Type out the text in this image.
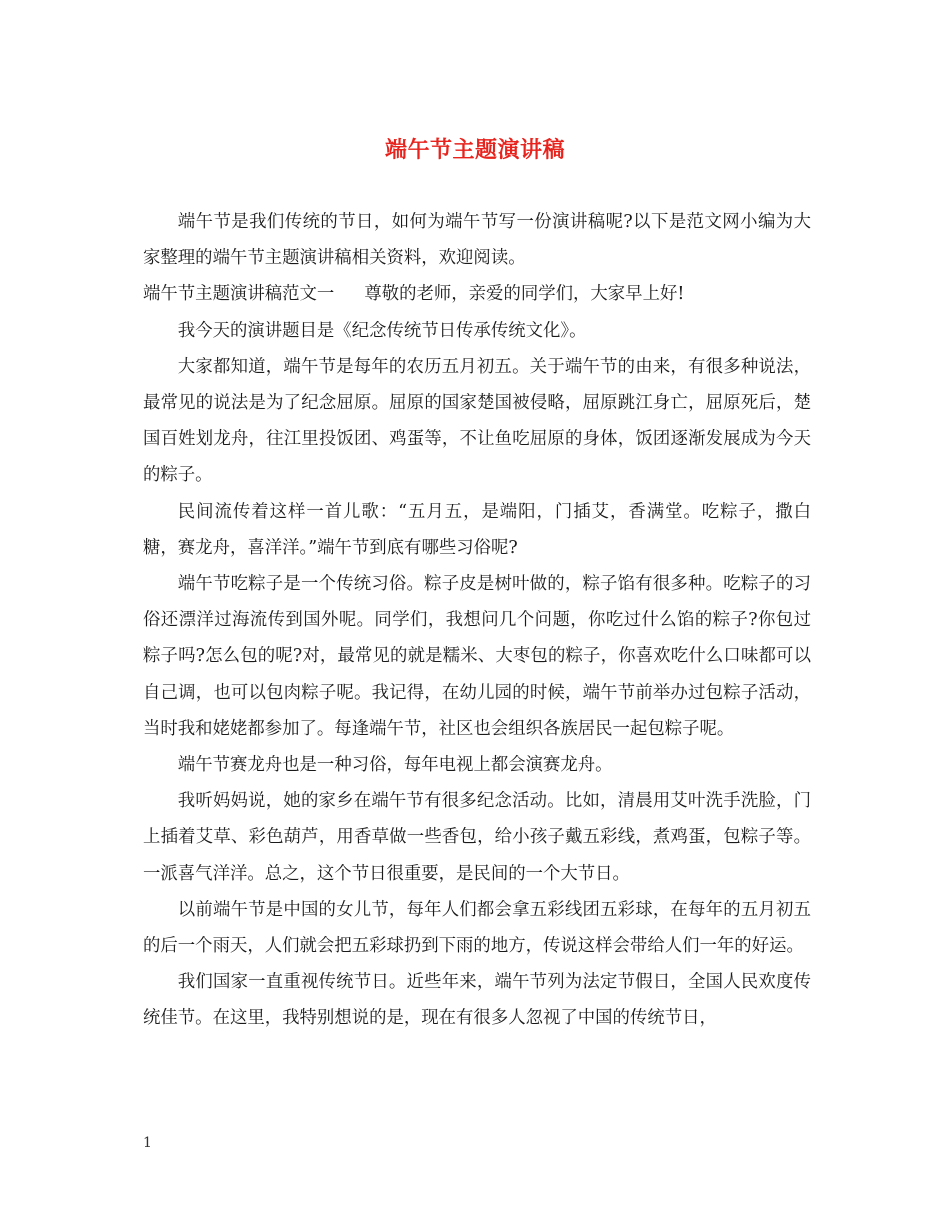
端午节主题演讲稿

端午节是我们传统的节日，如何为端午节写一份演讲稿呢?以下是范文网小编为大家整理的端午节主题演讲稿相关资料，欢迎阅读。

端午节主题演讲稿范文一 尊敬的老师，亲爱的同学们，大家早上好!

我今天的演讲题目是《纪念传统节日传承传统文化》。

大家都知道，端午节是每年的农历五月初五。关于端午节的由来，有很多种说法，最常见的说法是为了纪念屈原。屈原的国家楚国被侵略，屈原跳江身亡，屈原死后，楚国百姓划龙舟，往江里投饭团、鸡蛋等，不让鱼吃屈原的身体，饭团逐渐发展成为今天的粽子。

民间流传着这样一首儿歌：“五月五，是端阳，门插艾，香满堂。吃粽子，撒白糖，赛龙舟，喜洋洋。”端午节到底有哪些习俗呢?

端午节吃粽子是一个传统习俗。粽子皮是树叶做的，粽子馅有很多种。吃粽子的习俗还漂洋过海流传到国外呢。同学们，我想问几个问题，你吃过什么馅的粽子?你包过粽子吗?怎么包的呢?对，最常见的就是糯米、大枣包的粽子，你喜欢吃什么口味都可以自己调，也可以包肉粽子呢。我记得，在幼儿园的时候，端午节前举办过包粽子活动，当时我和姥姥都参加了。每逢端午节，社区也会组织各族居民一起包粽子呢。

端午节赛龙舟也是一种习俗，每年电视上都会演赛龙舟。

我听妈妈说，她的家乡在端午节有很多纪念活动。比如，清晨用艾叶洗手洗脸，门上插着艾草、彩色葫芦，用香草做一些香包，给小孩子戴五彩线，煮鸡蛋，包粽子等。一派喜气洋洋。总之，这个节日很重要，是民间的一个大节日。

以前端午节是中国的女儿节，每年人们都会拿五彩线团五彩球，在每年的五月初五的后一个雨天，人们就会把五彩球扔到下雨的地方，传说这样会带给人们一年的好运。

我们国家一直重视传统节日。近些年来，端午节列为法定节假日，全国人民欢度传统佳节。在这里，我特别想说的是，现在有很多人忽视了中国的传统节日，

1
